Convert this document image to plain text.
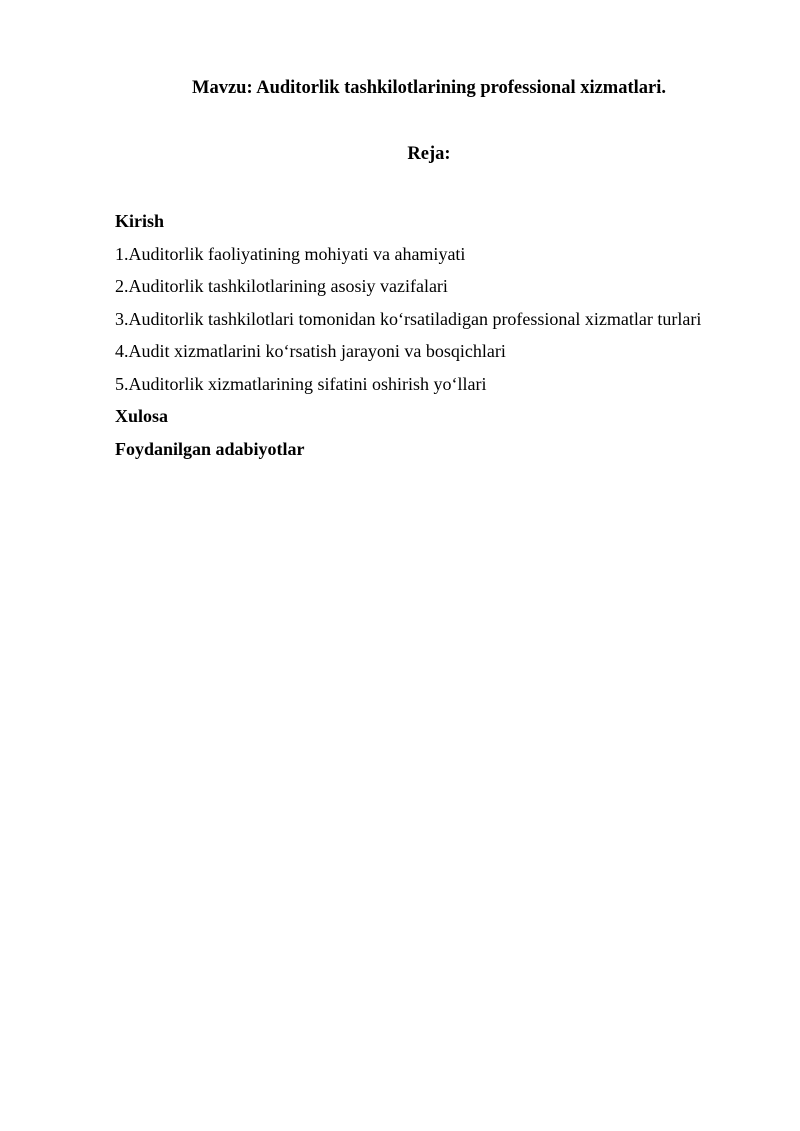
Mavzu: Auditorlik tashkilotlarining professional xizmatlari.
Reja:
Kirish
1.Auditorlik faoliyatining mohiyati va ahamiyati
2.Auditorlik tashkilotlarining asosiy vazifalari
3.Auditorlik tashkilotlari tomonidan ko‘rsatiladigan professional xizmatlar turlari
4.Audit xizmatlarini ko‘rsatish jarayoni va bosqichlari
5.Auditorlik xizmatlarining sifatini oshirish yo‘llari
Xulosa
Foydanilgan adabiyotlar
